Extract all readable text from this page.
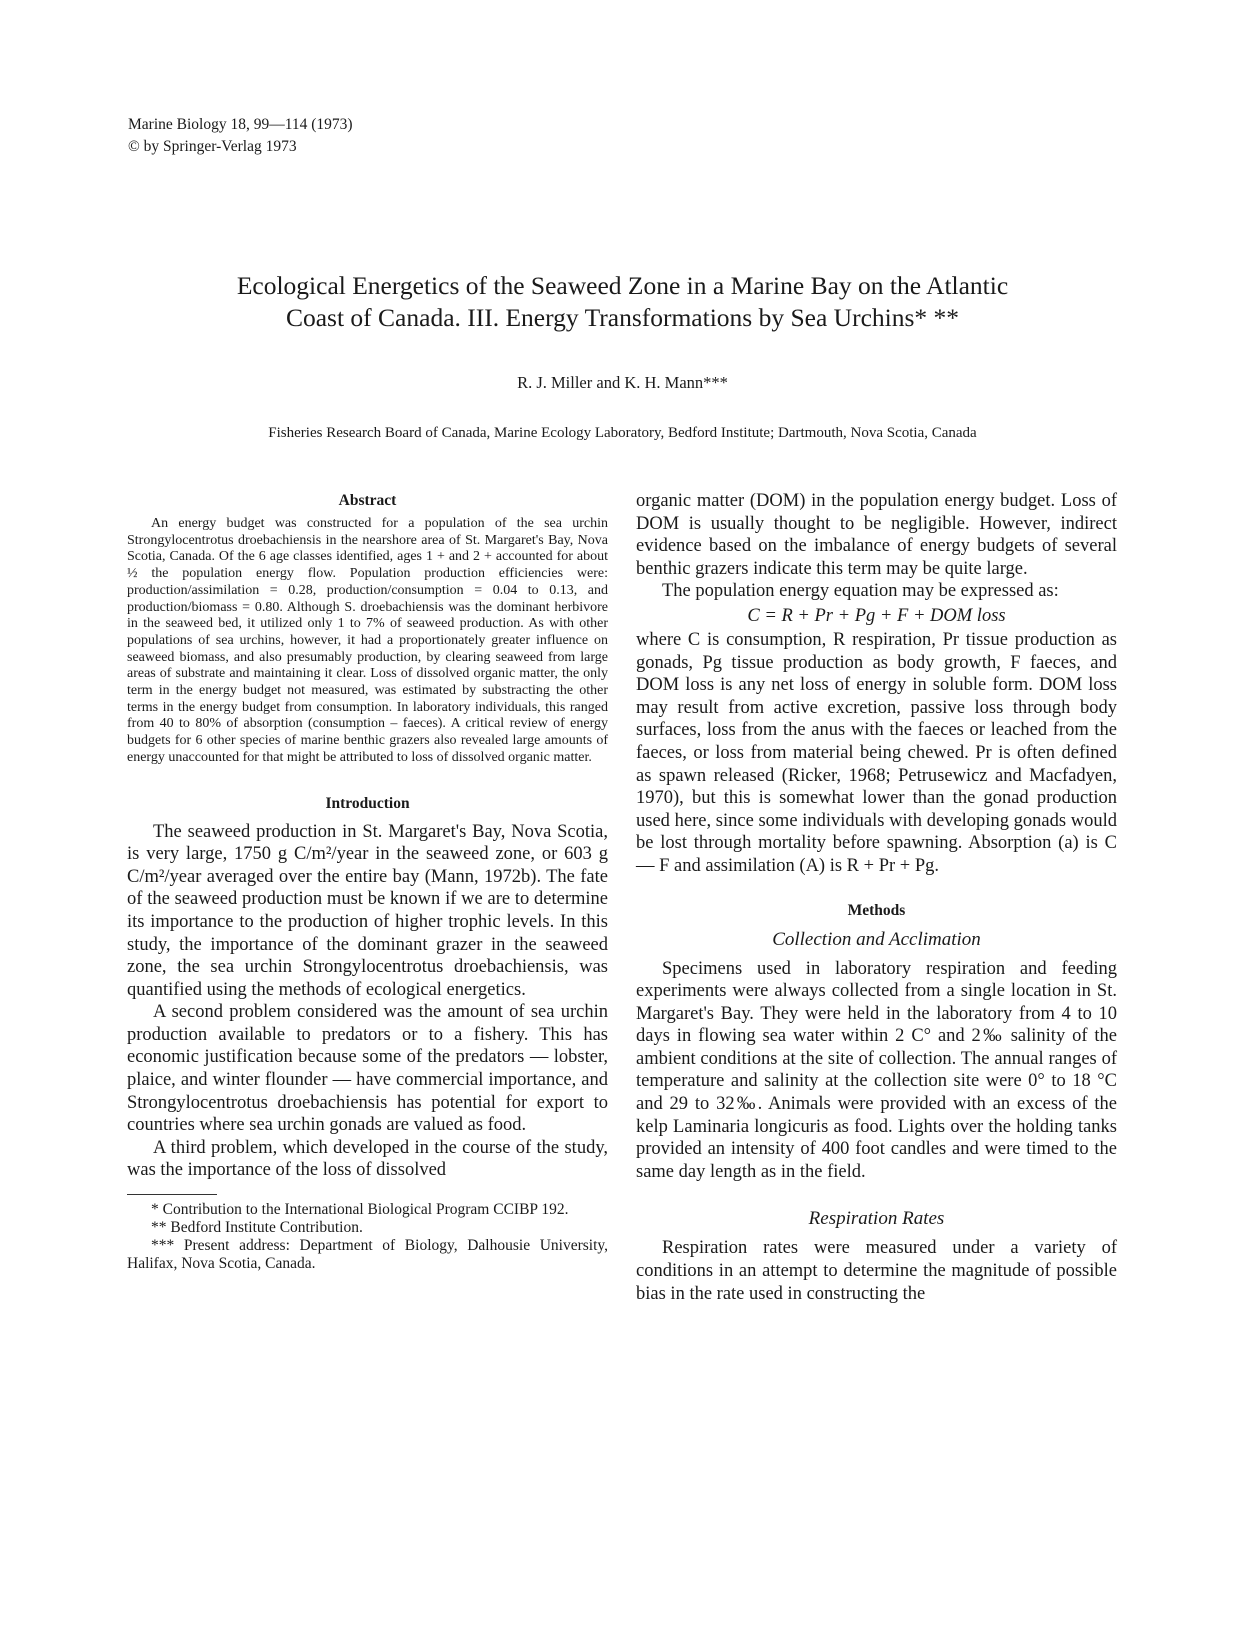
Marine Biology 18, 99—114 (1973)
© by Springer-Verlag 1973
Ecological Energetics of the Seaweed Zone in a Marine Bay on the Atlantic
Coast of Canada. III. Energy Transformations by Sea Urchins* **
R. J. Miller and K. H. Mann***
Fisheries Research Board of Canada, Marine Ecology Laboratory, Bedford Institute; Dartmouth, Nova Scotia, Canada
Abstract

An energy budget was constructed for a population of the sea urchin Strongylocentrotus droebachiensis in the nearshore area of St. Margaret's Bay, Nova Scotia, Canada. Of the 6 age classes identified, ages 1 + and 2 + accounted for about ½ the population energy flow. Population production efficiencies were: production/assimilation = 0.28, production/consumption = 0.04 to 0.13, and production/biomass = 0.80. Although S. droebachiensis was the dominant herbivore in the seaweed bed, it utilized only 1 to 7% of seaweed production. As with other populations of sea urchins, however, it had a proportionately greater influence on seaweed biomass, and also presumably production, by clearing seaweed from large areas of substrate and maintaining it clear. Loss of dissolved organic matter, the only term in the energy budget not measured, was estimated by substracting the other terms in the energy budget from consumption. In laboratory individuals, this ranged from 40 to 80% of absorption (consumption – faeces). A critical review of energy budgets for 6 other species of marine benthic grazers also revealed large amounts of energy unaccounted for that might be attributed to loss of dissolved organic matter.

Introduction

The seaweed production in St. Margaret's Bay, Nova Scotia, is very large, 1750 g C/m²/year in the seaweed zone, or 603 g C/m²/year averaged over the entire bay (Mann, 1972b). The fate of the seaweed production must be known if we are to determine its importance to the production of higher trophic levels. In this study, the importance of the dominant grazer in the seaweed zone, the sea urchin Strongylocentrotus droebachiensis, was quantified using the methods of ecological energetics.

A second problem considered was the amount of sea urchin production available to predators or to a fishery. This has economic justification because some of the predators — lobster, plaice, and winter flounder — have commercial importance, and Strongylocentrotus droebachiensis has potential for export to countries where sea urchin gonads are valued as food.

A third problem, which developed in the course of the study, was the importance of the loss of dissolved

* Contribution to the International Biological Program CCIBP 192.

** Bedford Institute Contribution.

*** Present address: Department of Biology, Dalhousie University, Halifax, Nova Scotia, Canada.

organic matter (DOM) in the population energy budget. Loss of DOM is usually thought to be negligible. However, indirect evidence based on the imbalance of energy budgets of several benthic grazers indicate this term may be quite large.

The population energy equation may be expressed as:

C = R + Pr + Pg + F + DOM loss

where C is consumption, R respiration, Pr tissue production as gonads, Pg tissue production as body growth, F faeces, and DOM loss is any net loss of energy in soluble form. DOM loss may result from active excretion, passive loss through body surfaces, loss from the anus with the faeces or leached from the faeces, or loss from material being chewed. Pr is often defined as spawn released (Ricker, 1968; Petrusewicz and Macfadyen, 1970), but this is somewhat lower than the gonad production used here, since some individuals with developing gonads would be lost through mortality before spawning. Absorption (a) is C — F and assimilation (A) is R + Pr + Pg.

Methods
Collection and Acclimation

Specimens used in laboratory respiration and feeding experiments were always collected from a single location in St. Margaret's Bay. They were held in the laboratory from 4 to 10 days in flowing sea water within 2 C° and 2‰ salinity of the ambient conditions at the site of collection. The annual ranges of temperature and salinity at the collection site were 0° to 18 °C and 29 to 32‰. Animals were provided with an excess of the kelp Laminaria longicuris as food. Lights over the holding tanks provided an intensity of 400 foot candles and were timed to the same day length as in the field.

Respiration Rates

Respiration rates were measured under a variety of conditions in an attempt to determine the magnitude of possible bias in the rate used in constructing the
